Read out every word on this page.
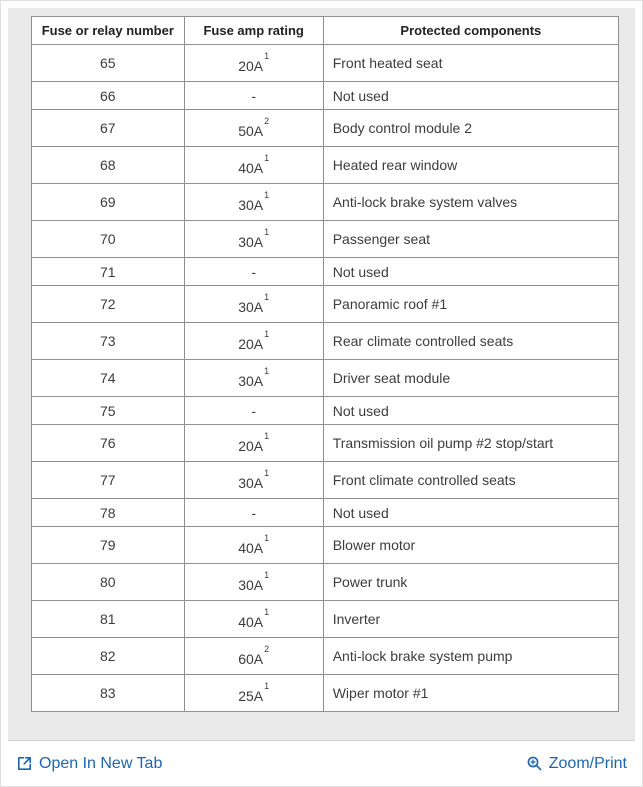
Fuse or relay number	Fuse amp rating	Protected components
65	$20A^1$	Front heated seat
66	-	Not used
67	$50A^2$	Body control module 2
68	$40A^1$	Heated rear window
69	$30A^1$	Anti-lock brake system valves
70	$30A^1$	Passenger seat
71	-	Not used
72	$30A^1$	Panoramic roof #1
73	$20A^1$	Rear climate controlled seats
74	$30A^1$	Driver seat module
75	-	Not used
76	$20A^1$	Transmission oil pump #2 stop/start
77	$30A^1$	Front climate controlled seats
78	-	Not used
79	$40A^1$	Blower motor
80	$30A^1$	Power trunk
81	$40A^1$	Inverter
82	$60A^2$	Anti-lock brake system pump
83	$25A^1$	Wiper motor #1
Open In New Tab	Zoom/Print
